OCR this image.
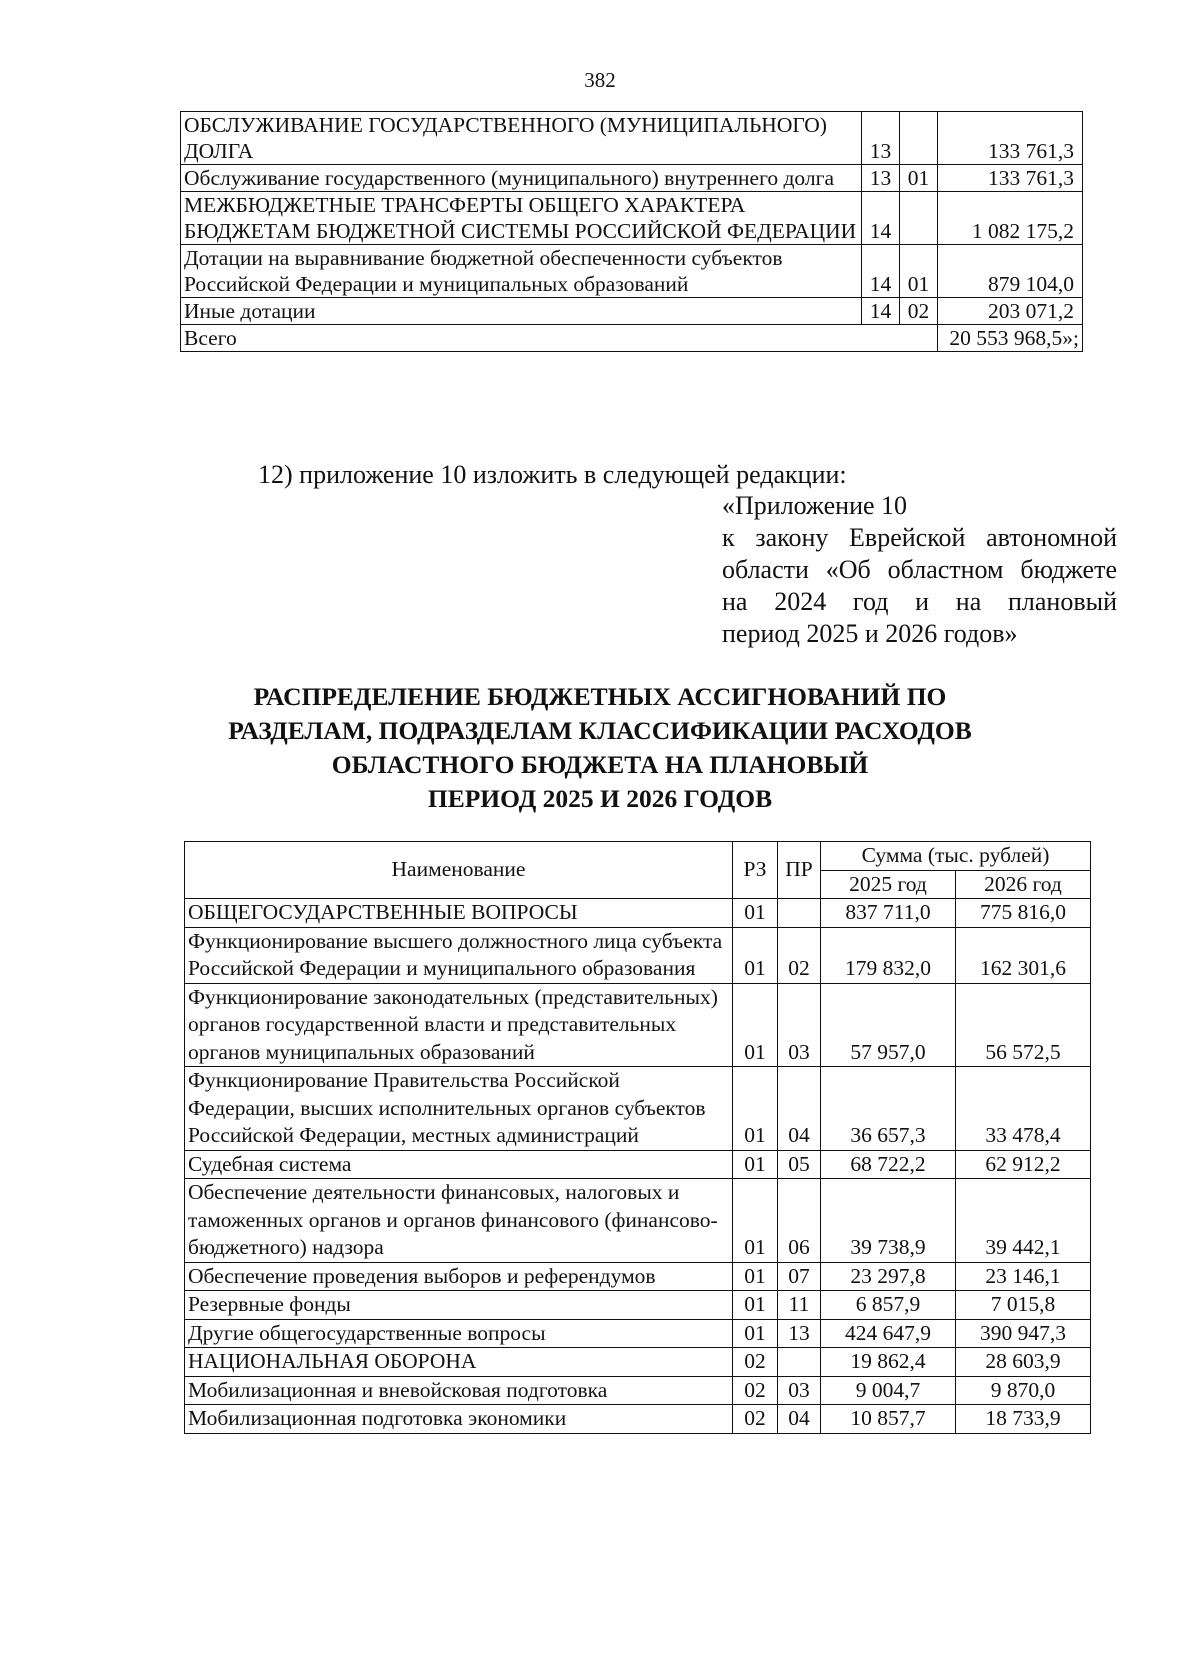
382
ОБСЛУЖИВАНИЕ ГОСУДАРСТВЕННОГО (МУНИЦИПАЛЬНОГО) ДОЛГА	13		133 761,3
Обслуживание государственного (муниципального) внутреннего долга	13	01	133 761,3
МЕЖБЮДЖЕТНЫЕ ТРАНСФЕРТЫ ОБЩЕГО ХАРАКТЕРА БЮДЖЕТАМ БЮДЖЕТНОЙ СИСТЕМЫ РОССИЙСКОЙ ФЕДЕРАЦИИ	14		1 082 175,2
Дотации на выравнивание бюджетной обеспеченности субъектов Российской Федерации и муниципальных образований	14	01	879 104,0
Иные дотации	14	02	203 071,2
Всего			20 553 968,5»;
12) приложение 10 изложить в следующей редакции:
«Приложение 10
к закону Еврейской автономной
области «Об областном бюджете
на 2024 год и на плановый
период 2025 и 2026 годов»
РАСПРЕДЕЛЕНИЕ БЮДЖЕТНЫХ АССИГНОВАНИЙ ПО
РАЗДЕЛАМ, ПОДРАЗДЕЛАМ КЛАССИФИКАЦИИ РАСХОДОВ
ОБЛАСТНОГО БЮДЖЕТА НА ПЛАНОВЫЙ
ПЕРИОД 2025 И 2026 ГОДОВ
Наименование	РЗ	ПР	Сумма (тыс. рублей)	
			2025 год	2026 год
ОБЩЕГОСУДАРСТВЕННЫЕ ВОПРОСЫ	01		837 711,0	775 816,0
Функционирование высшего должностного лица субъекта Российской Федерации и муниципального образования	01	02	179 832,0	162 301,6
Функционирование законодательных (представительных) органов государственной власти и представительных органов муниципальных образований	01	03	57 957,0	56 572,5
Функционирование Правительства Российской Федерации, высших исполнительных органов субъектов Российской Федерации, местных администраций	01	04	36 657,3	33 478,4
Судебная система	01	05	68 722,2	62 912,2
Обеспечение деятельности финансовых, налоговых и таможенных органов и органов финансового (финансово-бюджетного) надзора	01	06	39 738,9	39 442,1
Обеспечение проведения выборов и референдумов	01	07	23 297,8	23 146,1
Резервные фонды	01	11	6 857,9	7 015,8
Другие общегосударственные вопросы	01	13	424 647,9	390 947,3
НАЦИОНАЛЬНАЯ ОБОРОНА	02		19 862,4	28 603,9
Мобилизационная и вневойсковая подготовка	02	03	9 004,7	9 870,0
Мобилизационная подготовка экономики	02	04	10 857,7	18 733,9
